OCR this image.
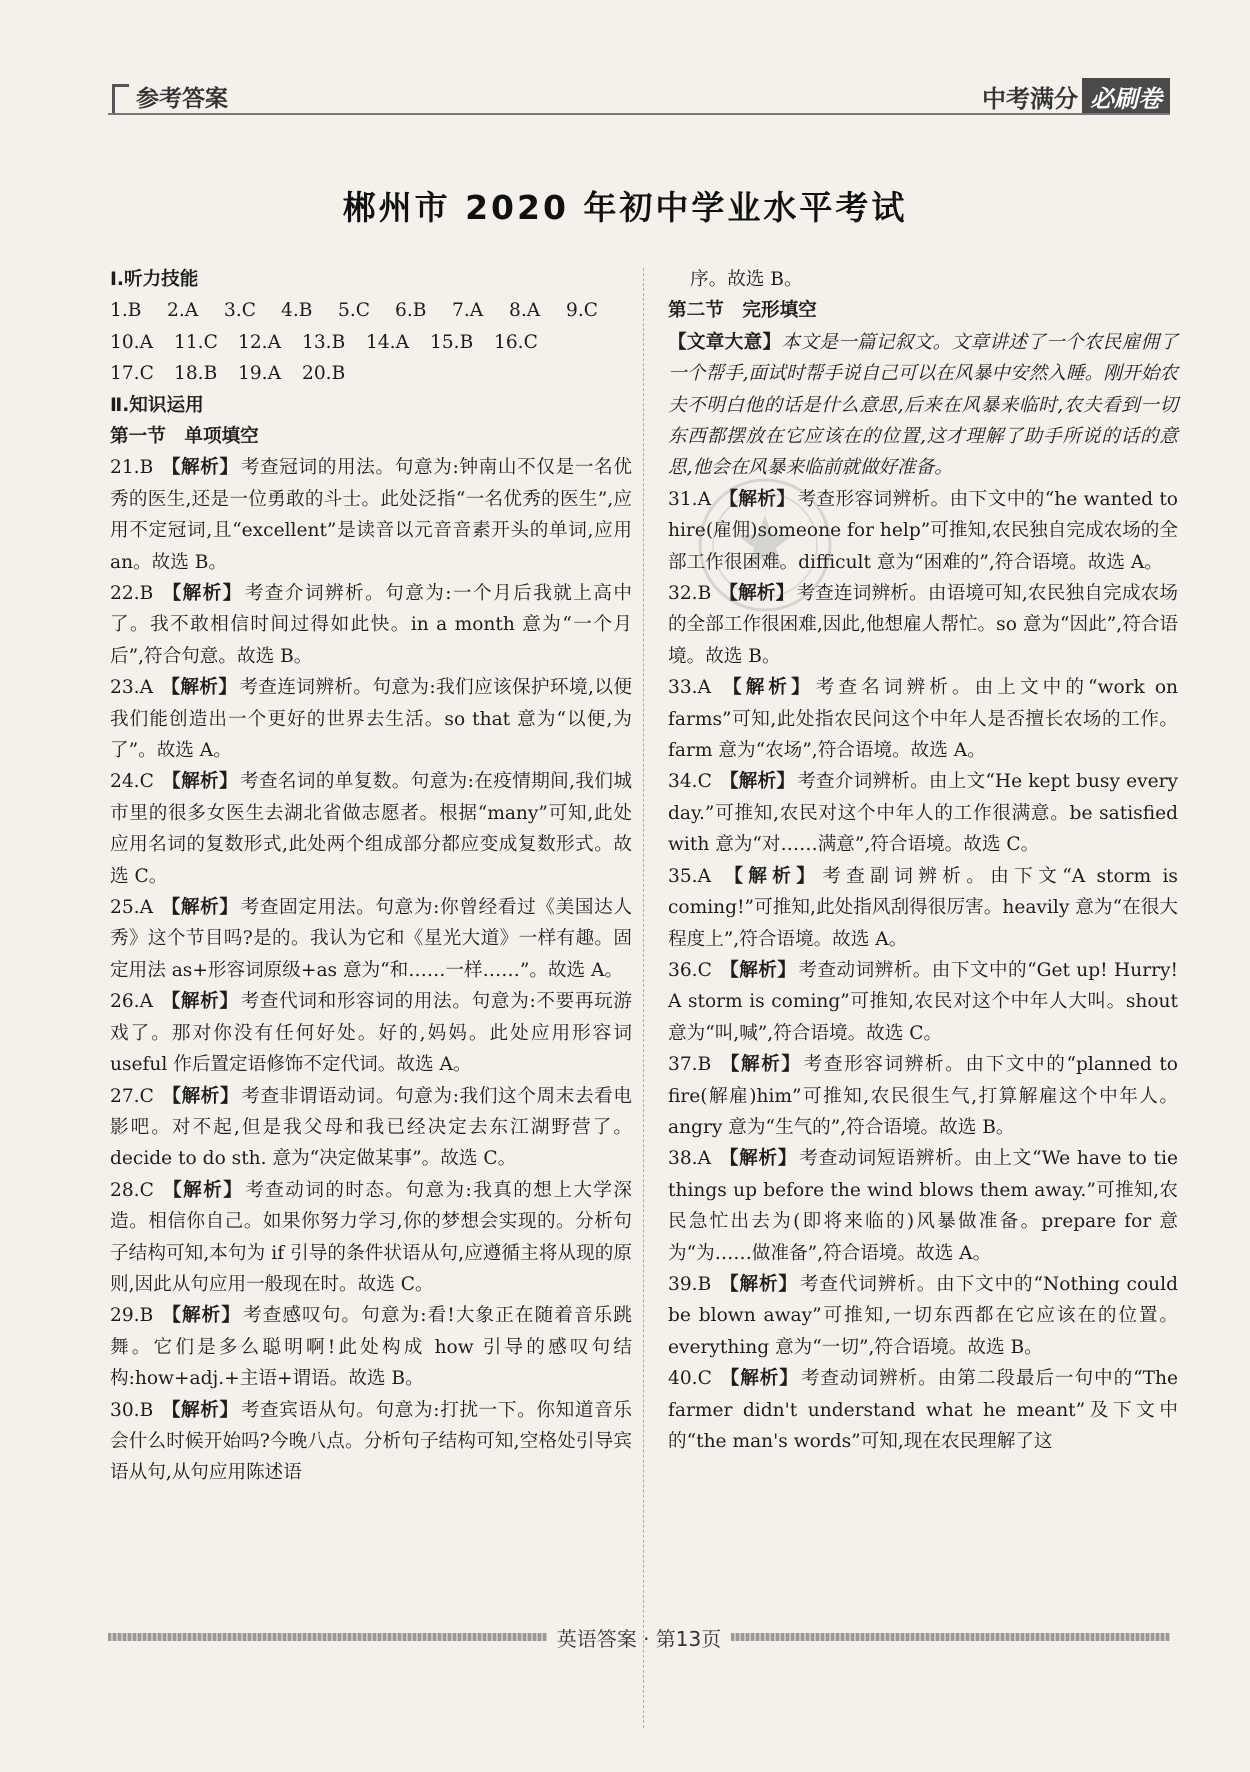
参考答案	中考满分 必刷卷
郴州市 2020 年初中学业水平考试
Ⅰ.听力技能
1.B	2.A	3.C	4.B	5.C	6.B	7.A	8.A	9.C
10.A	11.C	12.A	13.B	14.A	15.B	16.C
17.C	18.B	19.A	20.B
Ⅱ.知识运用
第一节　单项填空
21.B 【解析】 考查冠词的用法。句意为:钟南山不仅是一名优秀的医生,还是一位勇敢的斗士。此处泛指“一名优秀的医生”,应用不定冠词,且“excellent”是读音以元音音素开头的单词,应用 an。故选 B。
22.B 【解析】 考查介词辨析。句意为:一个月后我就上高中了。我不敢相信时间过得如此快。in a month 意为“一个月后”,符合句意。故选 B。
23.A 【解析】 考查连词辨析。句意为:我们应该保护环境,以便我们能创造出一个更好的世界去生活。so that 意为“以便,为了”。故选 A。
24.C 【解析】 考查名词的单复数。句意为:在疫情期间,我们城市里的很多女医生去湖北省做志愿者。根据“many”可知,此处应用名词的复数形式,此处两个组成部分都应变成复数形式。故选 C。
25.A 【解析】 考查固定用法。句意为:你曾经看过《美国达人秀》这个节目吗?是的。我认为它和《星光大道》一样有趣。固定用法 as+形容词原级+as 意为“和……一样……”。故选 A。
26.A 【解析】 考查代词和形容词的用法。句意为:不要再玩游戏了。那对你没有任何好处。好的,妈妈。此处应用形容词 useful 作后置定语修饰不定代词。故选 A。
27.C 【解析】 考查非谓语动词。句意为:我们这个周末去看电影吧。对不起,但是我父母和我已经决定去东江湖野营了。decide to do sth. 意为“决定做某事”。故选 C。
28.C 【解析】 考查动词的时态。句意为:我真的想上大学深造。相信你自己。如果你努力学习,你的梦想会实现的。分析句子结构可知,本句为 if 引导的条件状语从句,应遵循主将从现的原则,因此从句应用一般现在时。故选 C。
29.B 【解析】 考查感叹句。句意为:看!大象正在随着音乐跳舞。它们是多么聪明啊!此处构成 how 引导的感叹句结构:how+adj.+主语+谓语。故选 B。
30.B 【解析】 考查宾语从句。句意为:打扰一下。你知道音乐会什么时候开始吗?今晚八点。分析句子结构可知,空格处引导宾语从句,从句应用陈述语
序。故选 B。
第二节　完形填空
【文章大意】本文是一篇记叙文。文章讲述了一个农民雇佣了一个帮手,面试时帮手说自己可以在风暴中安然入睡。刚开始农夫不明白他的话是什么意思,后来在风暴来临时,农夫看到一切东西都摆放在它应该在的位置,这才理解了助手所说的话的意思,他会在风暴来临前就做好准备。
31.A 【解析】 考查形容词辨析。由下文中的“he wanted to hire(雇佣)someone for help”可推知,农民独自完成农场的全部工作很困难。difficult 意为“困难的”,符合语境。故选 A。
32.B 【解析】 考查连词辨析。由语境可知,农民独自完成农场的全部工作很困难,因此,他想雇人帮忙。so 意为“因此”,符合语境。故选 B。
33.A 【解析】 考查名词辨析。由上文中的“work on farms”可知,此处指农民问这个中年人是否擅长农场的工作。farm 意为“农场”,符合语境。故选 A。
34.C 【解析】 考查介词辨析。由上文“He kept busy every day.”可推知,农民对这个中年人的工作很满意。be satisfied with 意为“对……满意”,符合语境。故选 C。
35.A 【解析】 考查副词辨析。由下文“A storm is coming!”可推知,此处指风刮得很厉害。heavily 意为“在很大程度上”,符合语境。故选 A。
36.C 【解析】 考查动词辨析。由下文中的“Get up! Hurry! A storm is coming”可推知,农民对这个中年人大叫。shout 意为“叫,喊”,符合语境。故选 C。
37.B 【解析】 考查形容词辨析。由下文中的“planned to fire(解雇)him”可推知,农民很生气,打算解雇这个中年人。angry 意为“生气的”,符合语境。故选 B。
38.A 【解析】 考查动词短语辨析。由上文“We have to tie things up before the wind blows them away.”可推知,农民急忙出去为(即将来临的)风暴做准备。prepare for 意为“为……做准备”,符合语境。故选 A。
39.B 【解析】 考查代词辨析。由下文中的“Nothing could be blown away”可推知,一切东西都在它应该在的位置。everything 意为“一切”,符合语境。故选 B。
40.C 【解析】 考查动词辨析。由第二段最后一句中的“The farmer didn't understand what he meant”及下文中的“the man's words”可知,现在农民理解了这
英语答案 · 第13页
